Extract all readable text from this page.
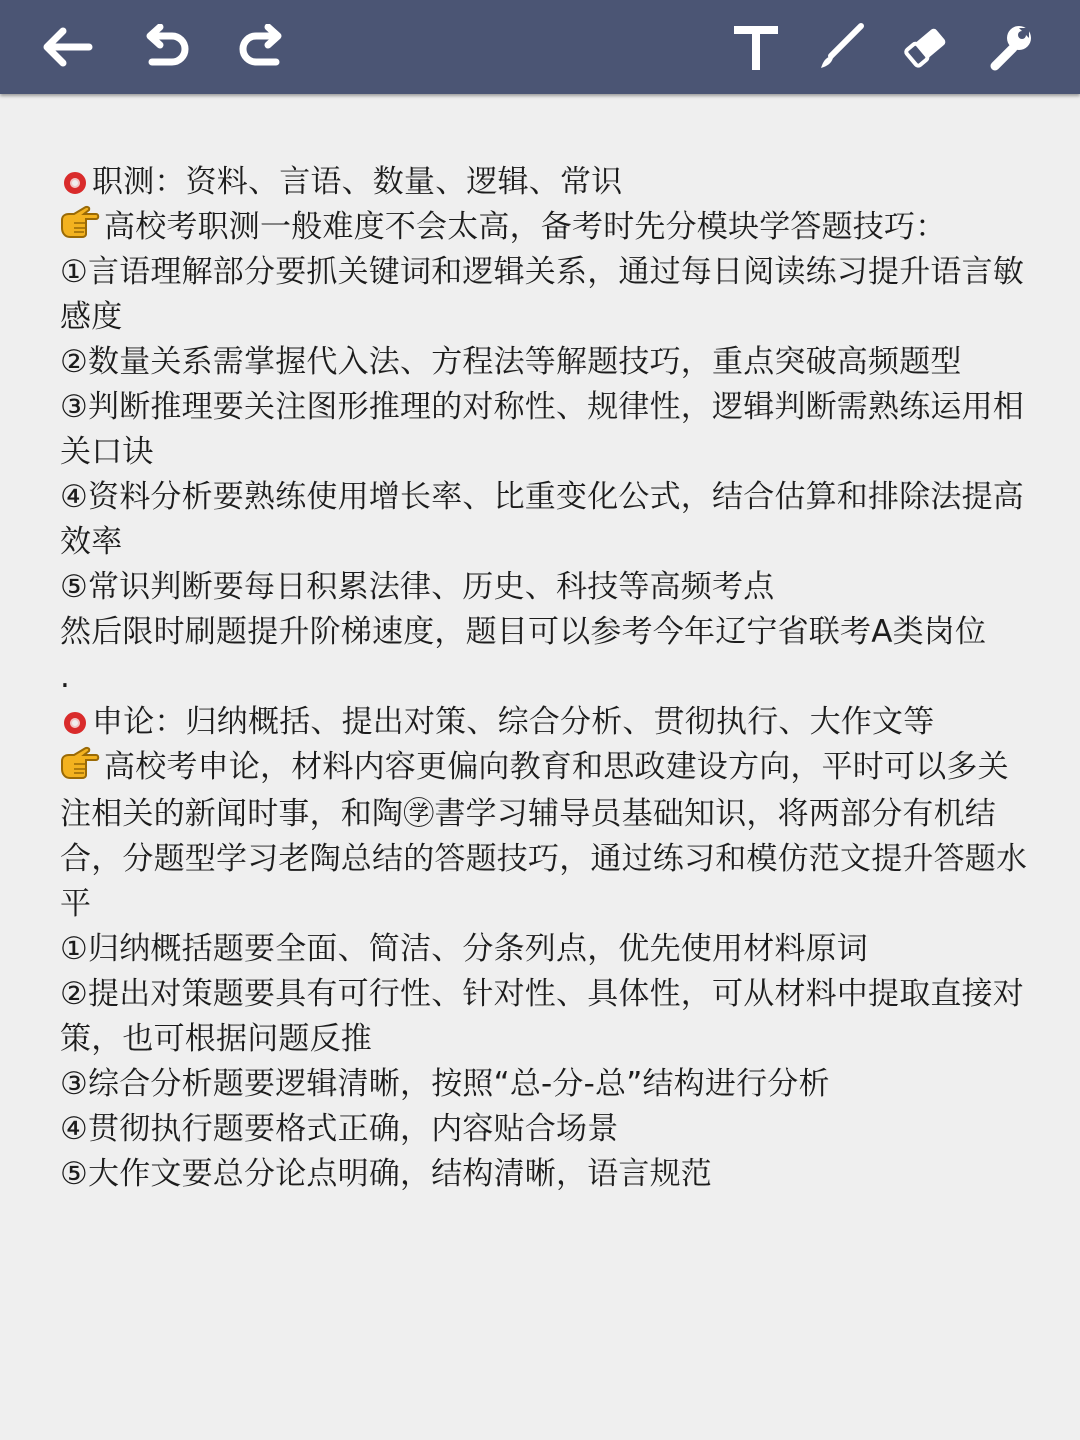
职测：资料、言语、数量、逻辑、常识
高校考职测一般难度不会太高，备考时先分模块学答题技巧：
①言语理解部分要抓关键词和逻辑关系，通过每日阅读练习提升语言敏感度
②数量关系需掌握代入法、方程法等解题技巧，重点突破高频题型
③判断推理要关注图形推理的对称性、规律性，逻辑判断需熟练运用相关口诀
④资料分析要熟练使用增长率、比重变化公式，结合估算和排除法提高效率
⑤常识判断要每日积累法律、历史、科技等高频考点
然后限时刷题提升阶梯速度，题目可以参考今年辽宁省联考A类岗位
.
申论：归纳概括、提出对策、综合分析、贯彻执行、大作文等
高校考申论，材料内容更偏向教育和思政建设方向，平时可以多关注相关的新闻时事，和陶㊫書学习辅导员基础知识，将两部分有机结合，分题型学习老陶总结的答题技巧，通过练习和模仿范文提升答题水平
①归纳概括题要全面、简洁、分条列点，优先使用材料原词
②提出对策题要具有可行性、针对性、具体性，可从材料中提取直接对策，也可根据问题反推
③综合分析题要逻辑清晰，按照“总-分-总”结构进行分析
④贯彻执行题要格式正确，内容贴合场景
⑤大作文要总分论点明确，结构清晰，语言规范
